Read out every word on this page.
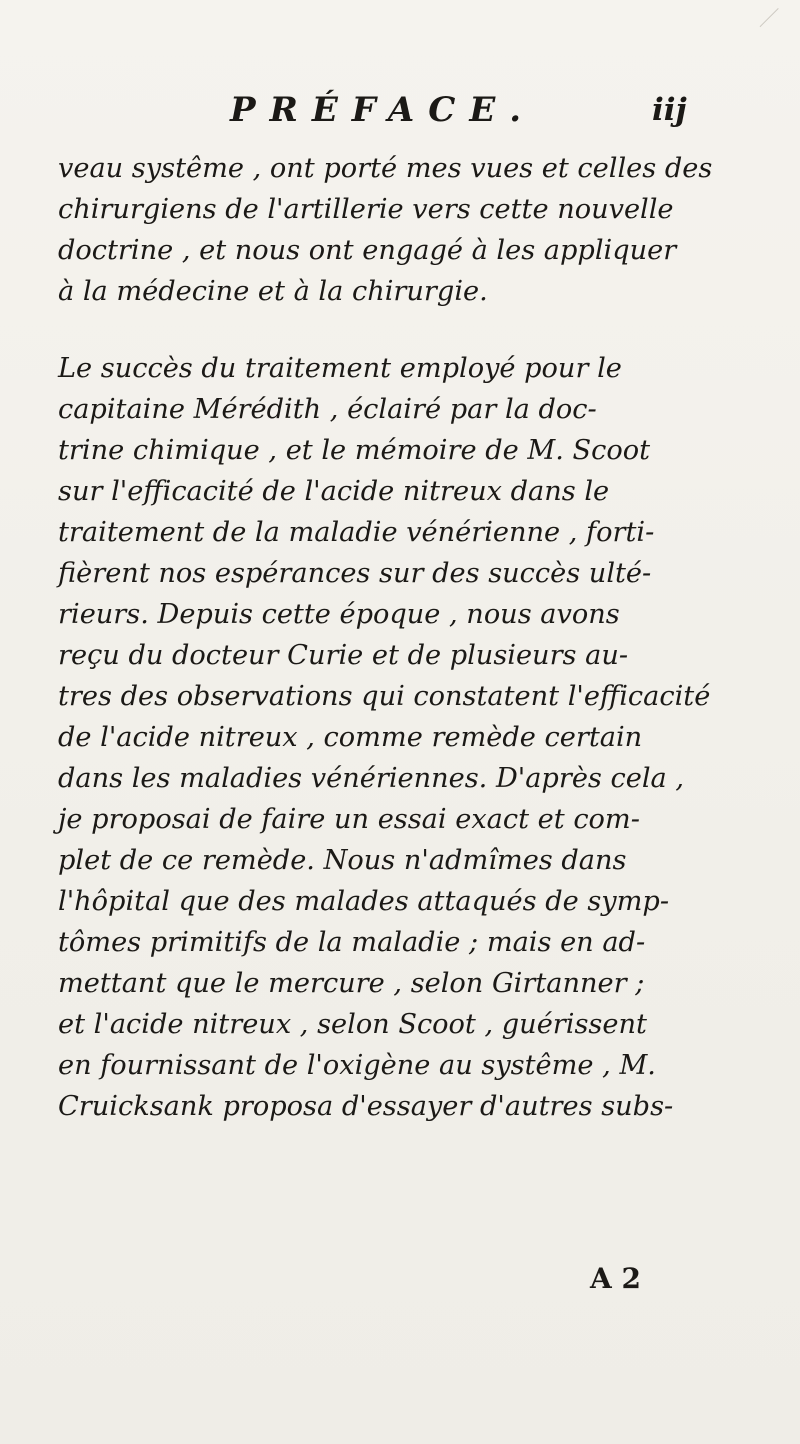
PRÉFACE.	iij
veau systême , ont porté mes vues et celles des
chirurgiens de l'artillerie vers cette nouvelle
doctrine , et nous ont engagé à les appliquer
à la médecine et à la chirurgie.
Le succès du traitement employé pour le
capitaine Mérédith , éclairé par la doc-
trine chimique , et le mémoire de M. Scoot
sur l'efficacité de l'acide nitreux dans le
traitement de la maladie vénérienne , forti-
fièrent nos espérances sur des succès ulté-
rieurs. Depuis cette époque , nous avons
reçu du docteur Curie et de plusieurs au-
tres des observations qui constatent l'efficacité
de l'acide nitreux , comme remède certain
dans les maladies vénériennes. D'après cela ,
je proposai de faire un essai exact et com-
plet de ce remède. Nous n'admîmes dans
l'hôpital que des malades attaqués de symp-
tômes primitifs de la maladie ; mais en ad-
mettant que le mercure , selon Girtanner ;
et l'acide nitreux , selon Scoot , guérissent
en fournissant de l'oxigène au systême , M.
Cruicksank proposa d'essayer d'autres subs-
A 2
